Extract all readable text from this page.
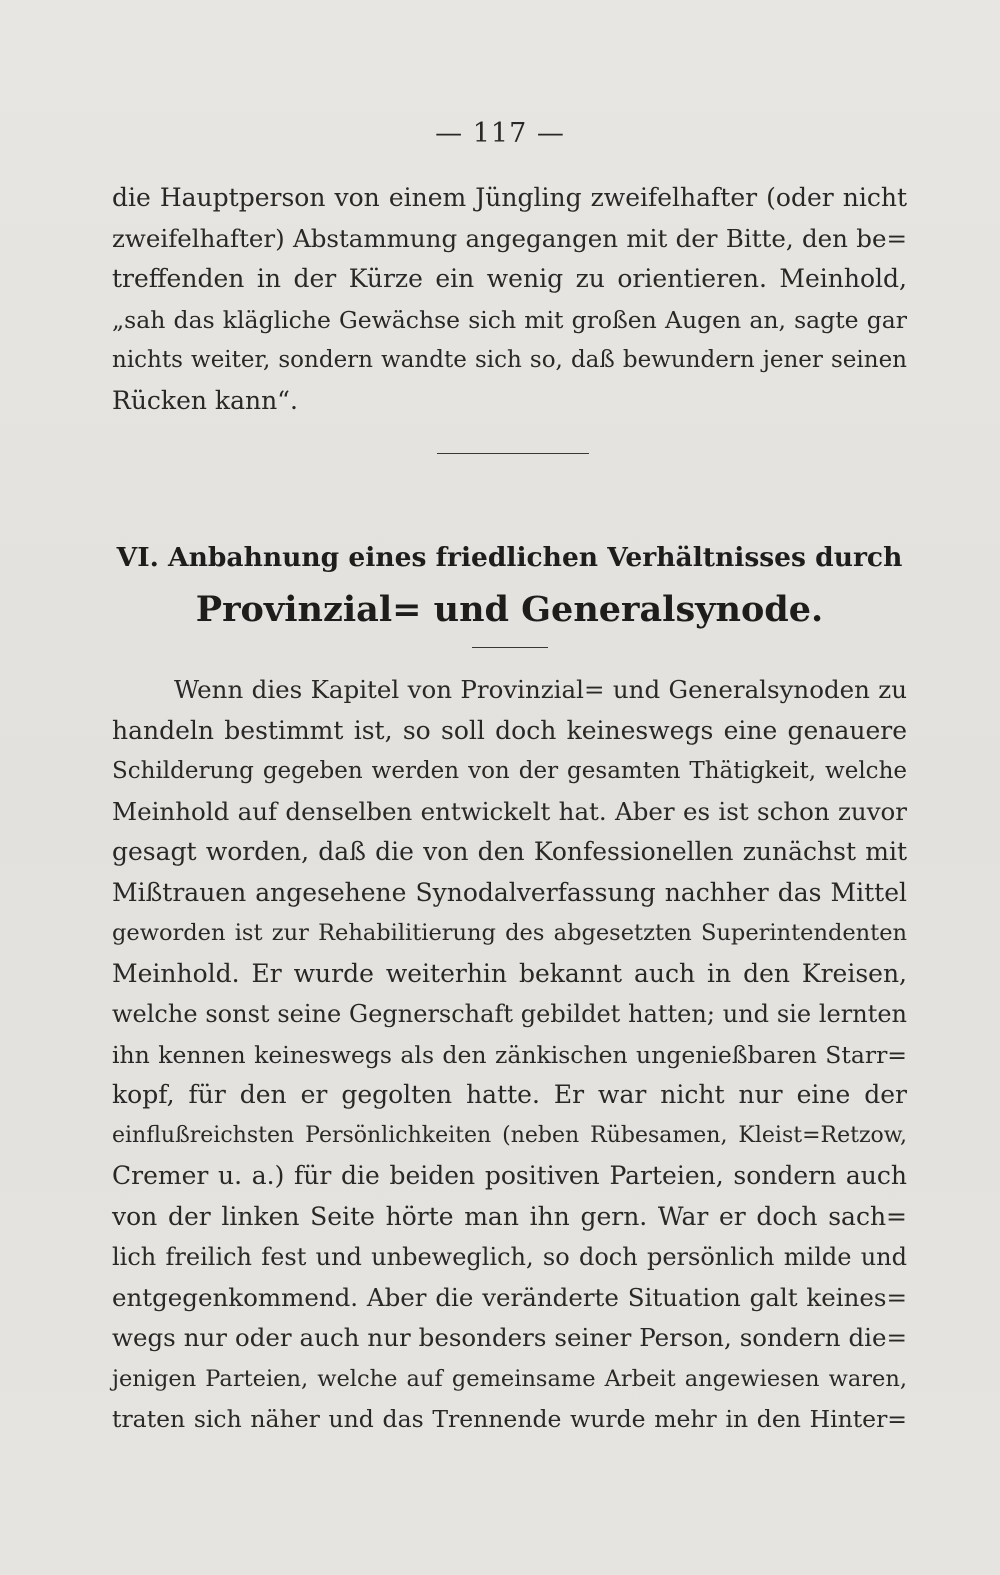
— 117 —
die Hauptperson von einem Jüngling zweifelhafter (oder nicht
zweifelhafter) Abstammung angegangen mit der Bitte, den be=
treffenden in der Kürze ein wenig zu orientieren. Meinhold,
„sah das klägliche Gewächse sich mit großen Augen an, sagte gar
nichts weiter, sondern wandte sich so, daß bewundern jener seinen
Rücken kann“.
VI. Anbahnung eines friedlichen Verhältnisses durch
Provinzial= und Generalsynode.
Wenn dies Kapitel von Provinzial= und Generalsynoden zu
handeln bestimmt ist, so soll doch keineswegs eine genauere
Schilderung gegeben werden von der gesamten Thätigkeit, welche
Meinhold auf denselben entwickelt hat. Aber es ist schon zuvor
gesagt worden, daß die von den Konfessionellen zunächst mit
Mißtrauen angesehene Synodalverfassung nachher das Mittel
geworden ist zur Rehabilitierung des abgesetzten Superintendenten
Meinhold. Er wurde weiterhin bekannt auch in den Kreisen,
welche sonst seine Gegnerschaft gebildet hatten; und sie lernten
ihn kennen keineswegs als den zänkischen ungenießbaren Starr=
kopf, für den er gegolten hatte. Er war nicht nur eine der
einflußreichsten Persönlichkeiten (neben Rübesamen, Kleist=Retzow,
Cremer u. a.) für die beiden positiven Parteien, sondern auch
von der linken Seite hörte man ihn gern. War er doch sach=
lich freilich fest und unbeweglich, so doch persönlich milde und
entgegenkommend. Aber die veränderte Situation galt keines=
wegs nur oder auch nur besonders seiner Person, sondern die=
jenigen Parteien, welche auf gemeinsame Arbeit angewiesen waren,
traten sich näher und das Trennende wurde mehr in den Hinter=
